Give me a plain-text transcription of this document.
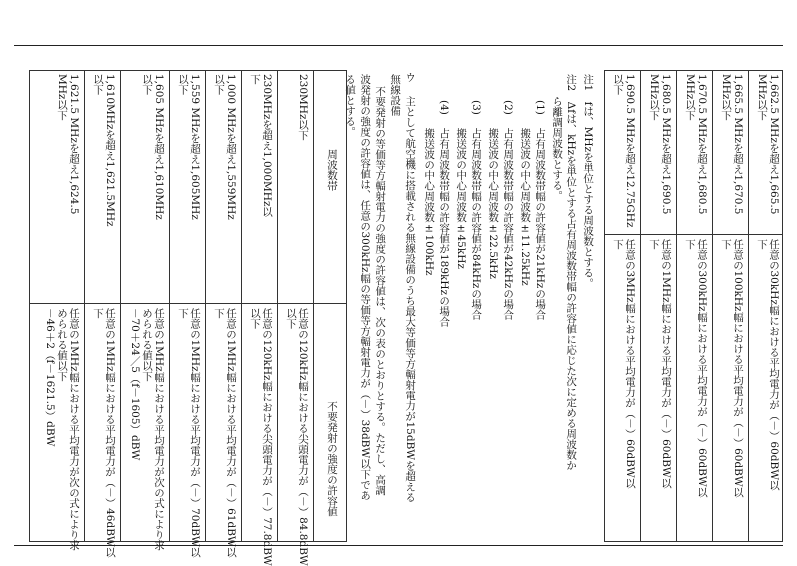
1,662.5 MHzを超え1,665.5
MHz以下
任意の30kHz幅における平均電力が（－）60dBW以
下
1,665.5 MHzを超え1,670.5
MHz以下
任意の100kHz幅における平均電力が（－）60dBW以
下
1,670.5 MHzを超え1,680.5
MHz以下
任意の300kHz幅における平均電力が（－）60dBW以
下
1,680.5 MHzを超え1,690.5
MHz以下
任意の1MHz幅における平均電力が（－）60dBW以
下
1,690.5 MHzを超え12.75GHz
以下
任意の3MHz幅における平均電力が（－）60dBW以
下
注1　fは、MHzを単位とする周波数とする。
注2　Δfは、kHzを単位とする占有周波数帯幅の許容値に応じた次に定める周波数か
ら離調周波数とする。
(1)
占有周波数帯幅の許容値が21kHzの場合
搬送波の中心周波数±11.25kHz
(2)
占有周波数帯幅の許容値が42kHzの場合
搬送波の中心周波数±22.5kHz
(3)
占有周波数帯幅の許容値が84kHzの場合
搬送波の中心周波数±45kHz
(4)
占有周波数帯幅の許容値が189kHzの場合
搬送波の中心周波数±100kHz
ウ
主として航空機に搭載される無線設備のうち最大等価等方輻射電力が15dBWを超える
無線設備
不要発射の等価等方輻射電力の強度の許容値は、次の表のとおりとする。ただし、高調
波発射の強度の許容値は、任意の300kHz幅の等価等方輻射電力が（－）38dBW以下であ
る値とする。
周波数帯
不要発射の強度の許容値
230MHz以下
任意の120kHz幅における尖頭電力が（－）84.8dBW
以下
230MHzを超え1,000MHz以
下
任意の120kHz幅における尖頭電力が（－）77.8dBW
以下
1,000 MHzを超え1,559MHz
以下
任意の1MHz幅における平均電力が（－）61dBW以
下
1,559 MHzを超え1,605MHz
以下
任意の1MHz幅における平均電力が（－）70dBW以
下
1,605 MHzを超え1,610MHz
以下
任意の1MHz幅における平均電力が次の式により求
められる値以下
－70＋24／5（f－1605）dBW
1,610MHzを超え1,621.5MHz
以下
任意の1MHz幅における平均電力が（－）46dBW以
下
1,621.5 MHzを超え1,624.5
MHz以下
任意の1MHz幅における平均電力が次の式により求
められる値以下
－46＋2（f－1621.5）dBW
